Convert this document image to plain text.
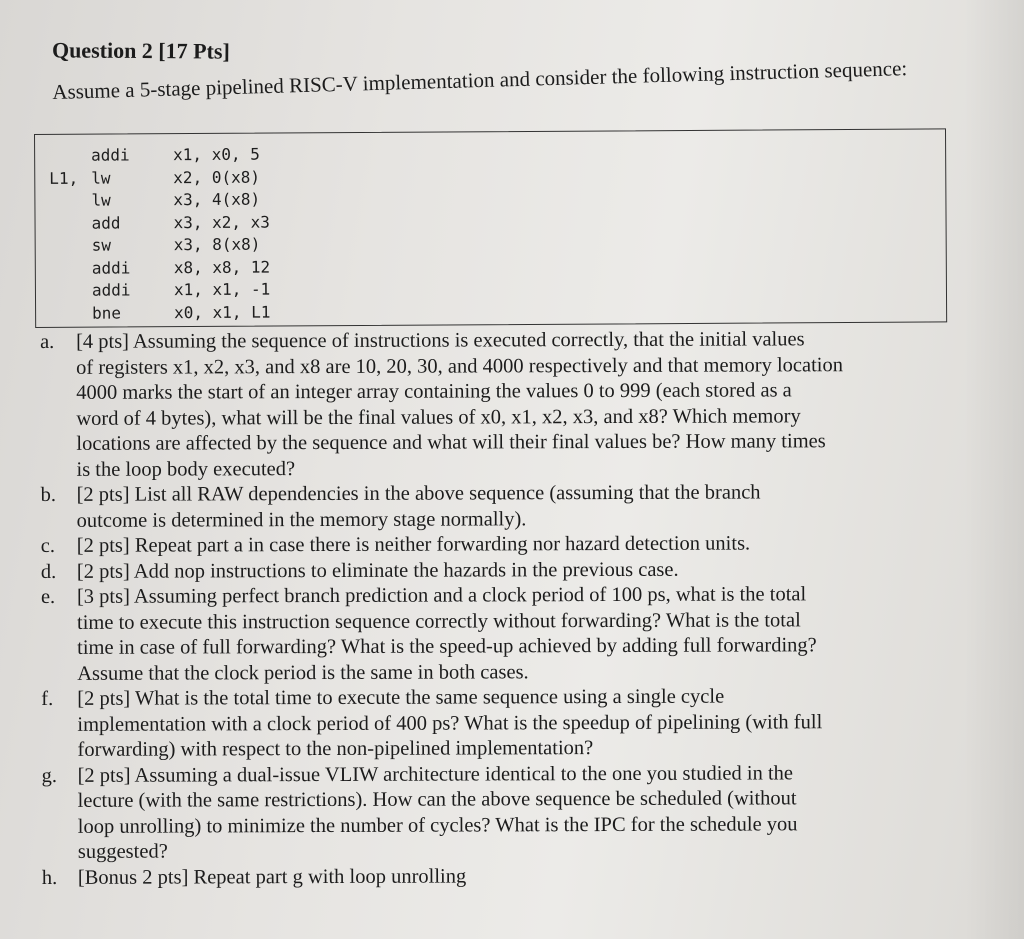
Question 2 [17 Pts]
Assume a 5-stage pipelined RISC-V implementation and consider the following instruction sequence:
addi	x1, x0, 5
L1, lw	x2, 0(x8)
lw	x3, 4(x8)
add	x3, x2, x3
sw	x3, 8(x8)
addi	x8, x8, 12
addi	x1, x1, -1
bne	x0, x1, L1
a. [4 pts] Assuming the sequence of instructions is executed correctly, that the initial values
of registers x1, x2, x3, and x8 are 10, 20, 30, and 4000 respectively and that memory location
4000 marks the start of an integer array containing the values 0 to 999 (each stored as a
word of 4 bytes), what will be the final values of x0, x1, x2, x3, and x8? Which memory
locations are affected by the sequence and what will their final values be? How many times
is the loop body executed?
b. [2 pts] List all RAW dependencies in the above sequence (assuming that the branch
outcome is determined in the memory stage normally).
c. [2 pts] Repeat part a in case there is neither forwarding nor hazard detection units.
d. [2 pts] Add nop instructions to eliminate the hazards in the previous case.
e. [3 pts] Assuming perfect branch prediction and a clock period of 100 ps, what is the total
time to execute this instruction sequence correctly without forwarding? What is the total
time in case of full forwarding? What is the speed-up achieved by adding full forwarding?
Assume that the clock period is the same in both cases.
f. [2 pts] What is the total time to execute the same sequence using a single cycle
implementation with a clock period of 400 ps? What is the speedup of pipelining (with full
forwarding) with respect to the non-pipelined implementation?
g. [2 pts] Assuming a dual-issue VLIW architecture identical to the one you studied in the
lecture (with the same restrictions). How can the above sequence be scheduled (without
loop unrolling) to minimize the number of cycles? What is the IPC for the schedule you
suggested?
h. [Bonus 2 pts] Repeat part g with loop unrolling
